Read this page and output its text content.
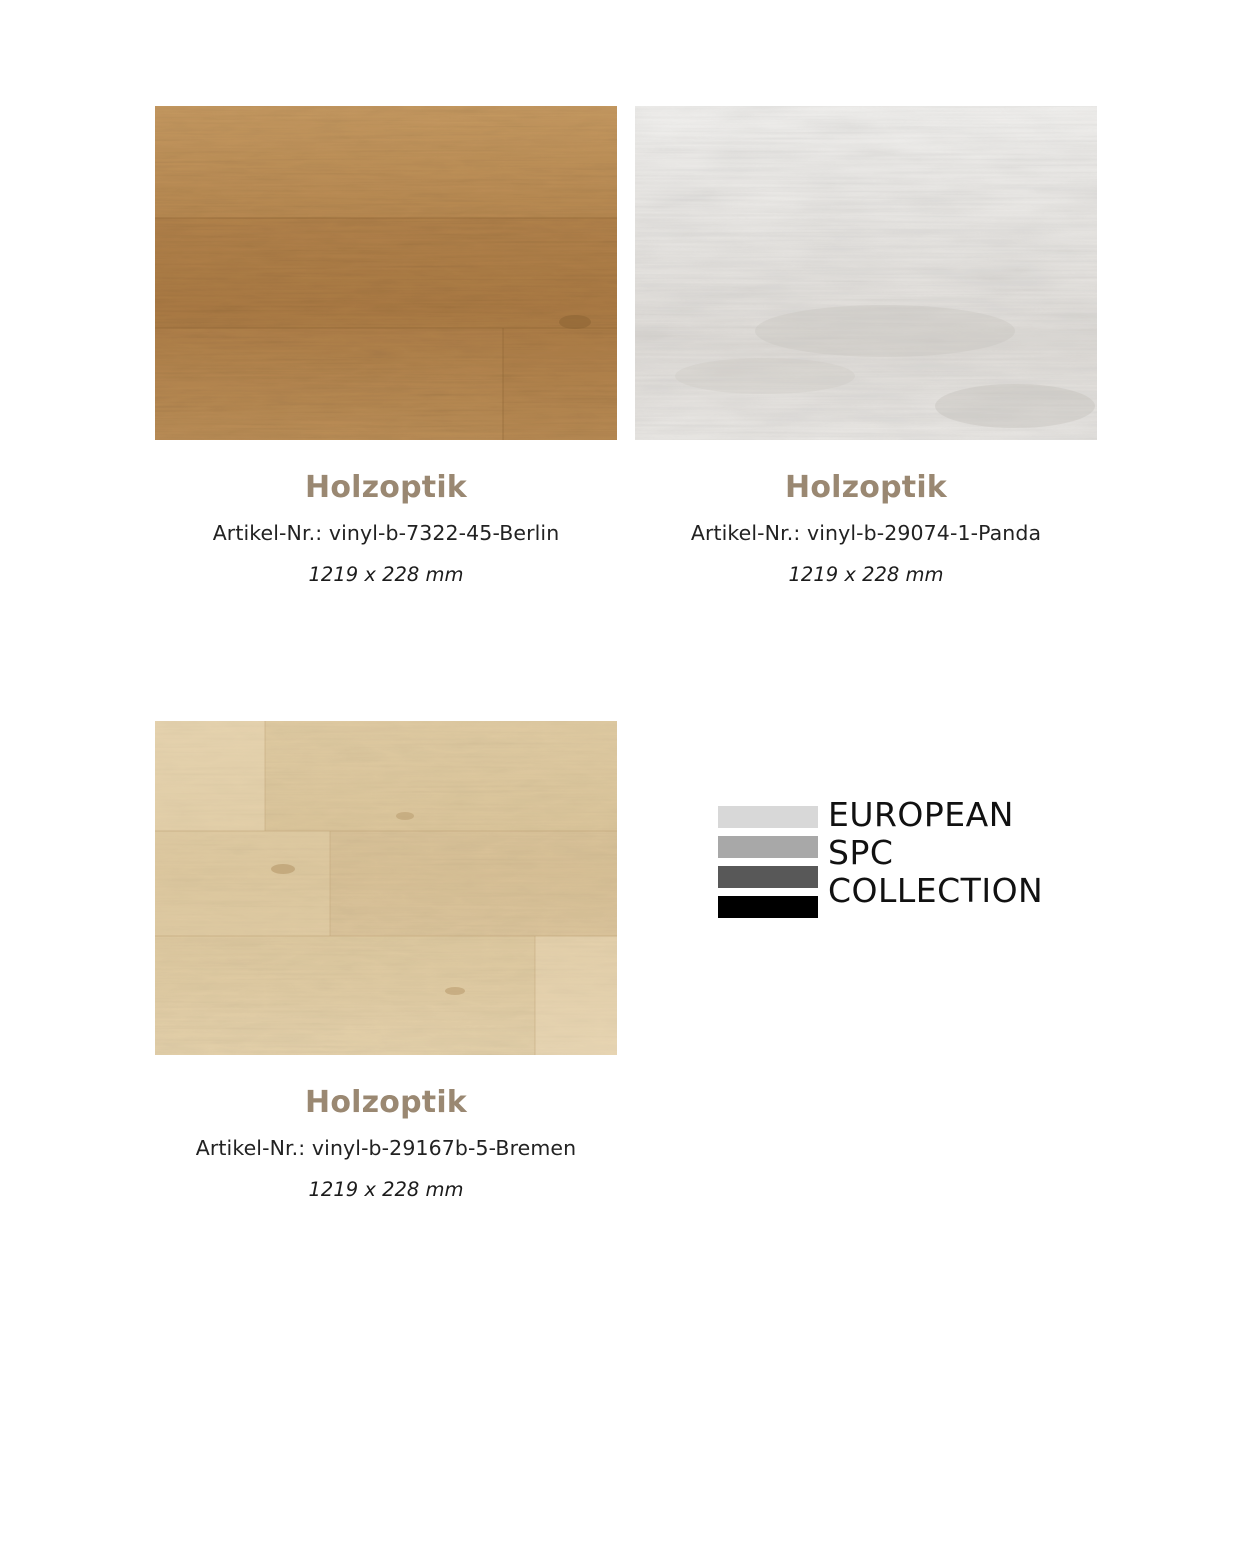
Holzoptik
Artikel-Nr.: vinyl-b-7322-45-Berlin
1219 x 228 mm
Holzoptik
Artikel-Nr.: vinyl-b-29074-1-Panda
1219 x 228 mm
Holzoptik
Artikel-Nr.: vinyl-b-29167b-5-Bremen
1219 x 228 mm
EUROPEAN
SPC
COLLECTION
